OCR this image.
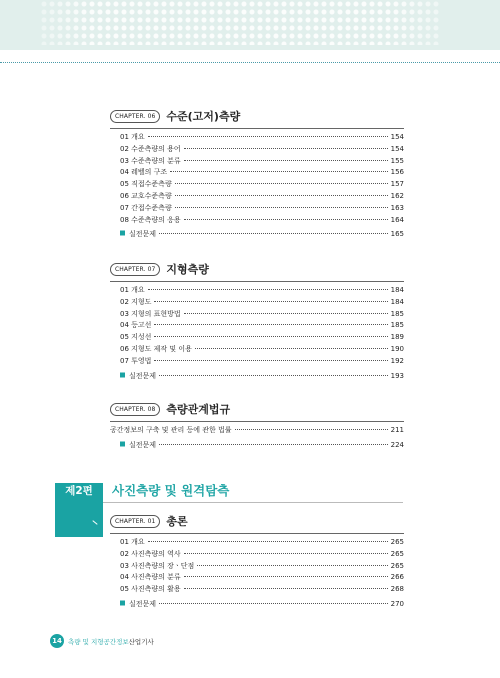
CHAPTER. 06	수준(고저)측량
01 개요	154
02 수준측량의 용어	154
03 수준측량의 분류	155
04 레벨의 구조	156
05 직접수준측량	157
06 교호수준측량	162
07 간접수준측량	163
08 수준측량의 응용	164
실전문제	165
CHAPTER. 07	지형측량
01 개요	184
02 지형도	184
03 지형의 표현방법	185
04 등고선	185
05 지성선	189
06 지형도 제작 및 이용	190
07 투영법	192
실전문제	193
CHAPTER. 08	측량관계법규
공간정보의 구축 및 관리 등에 관한 법률	211
실전문제	224
제2편	사진측량 및 원격탐측
CHAPTER. 01	총론
01 개요	265
02 사진측량의 역사	265
03 사진측량의 장ㆍ단점	265
04 사진측량의 분류	266
05 사진측량의 활용	268
실전문제	270
14 측량 및 지형공간정보산업기사
